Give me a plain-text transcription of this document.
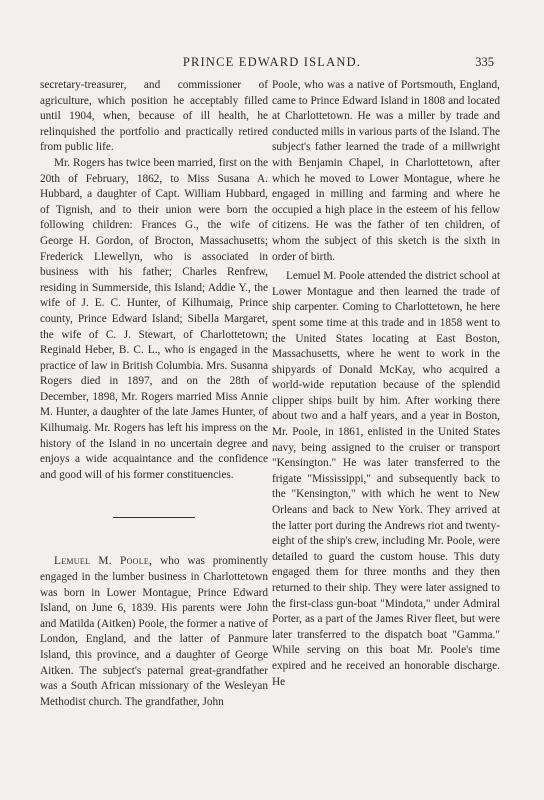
PRINCE EDWARD ISLAND.	335

secretary-treasurer, and commissioner of agriculture, which position he acceptably filled until 1904, when, because of ill health, he relinquished the portfolio and practically retired from public life.

Mr. Rogers has twice been married, first on the 20th of February, 1862, to Miss Susana A. Hubbard, a daughter of Capt. William Hubbard, of Tignish, and to their union were born the following children: Frances G., the wife of George H. Gordon, of Brocton, Massachusetts; Frederick Llewellyn, who is associated in business with his father; Charles Renfrew, residing in Summerside, this Island; Addie Y., the wife of J. E. C. Hunter, of Kilhumaig, Prince county, Prince Edward Island; Sibella Margaret, the wife of C. J. Stewart, of Charlottetown; Reginald Heber, B. C. L., who is engaged in the practice of law in British Columbia. Mrs. Susanna Rogers died in 1897, and on the 28th of December, 1898, Mr. Rogers married Miss Annie M. Hunter, a daughter of the late James Hunter, of Kilhumaig. Mr. Rogers has left his impress on the history of the Island in no uncertain degree and enjoys a wide acquaintance and the confidence and good will of his former constituencies.

Lemuel M. Poole, who was prominently engaged in the lumber business in Charlottetown was born in Lower Montague, Prince Edward Island, on June 6, 1839. His parents were John and Matilda (Aitken) Poole, the former a native of London, England, and the latter of Panmure Island, this province, and a daughter of George Aitken. The subject's paternal great-grandfather was a South African missionary of the Wesleyan Methodist church. The grandfather, John

Poole, who was a native of Portsmouth, England, came to Prince Edward Island in 1808 and located at Charlottetown. He was a miller by trade and conducted mills in various parts of the Island. The subject's father learned the trade of a millwright with Benjamin Chapel, in Charlottetown, after which he moved to Lower Montague, where he engaged in milling and farming and where he occupied a high place in the esteem of his fellow citizens. He was the father of ten children, of whom the subject of this sketch is the sixth in order of birth.

Lemuel M. Poole attended the district school at Lower Montague and then learned the trade of ship carpenter. Coming to Charlottetown, he here spent some time at this trade and in 1858 went to the United States locating at East Boston, Massachusetts, where he went to work in the shipyards of Donald McKay, who acquired a world-wide reputation because of the splendid clipper ships built by him. After working there about two and a half years, and a year in Boston, Mr. Poole, in 1861, enlisted in the United States navy, being assigned to the cruiser or transport "Kensington." He was later transferred to the frigate "Mississippi," and subsequently back to the "Kensington," with which he went to New Orleans and back to New York. They arrived at the latter port during the Andrews riot and twenty-eight of the ship's crew, including Mr. Poole, were detailed to guard the custom house. This duty engaged them for three months and they then returned to their ship. They were later assigned to the first-class gun-boat "Mindota," under Admiral Porter, as a part of the James River fleet, but were later transferred to the dispatch boat "Gamma." While serving on this boat Mr. Poole's time expired and he received an honorable discharge. He
